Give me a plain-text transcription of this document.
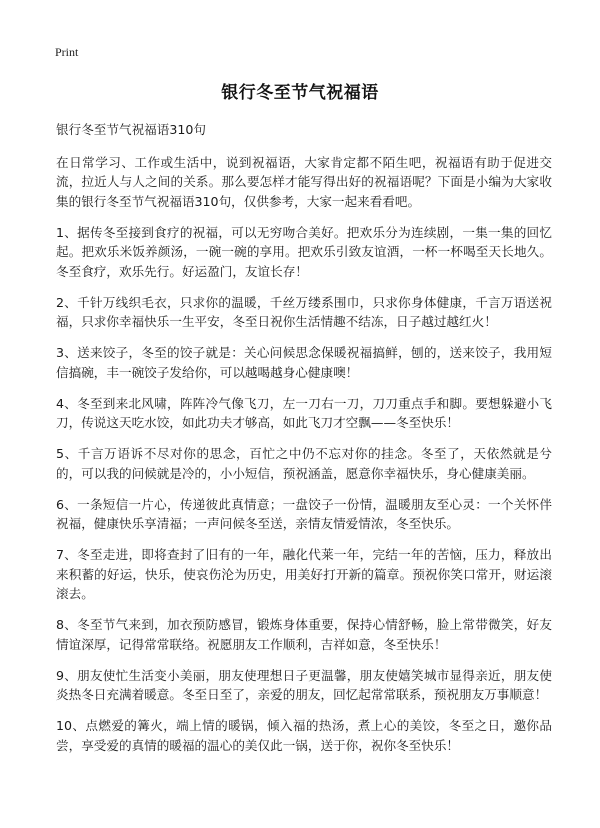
Print
银行冬至节气祝福语
银行冬至节气祝福语310句
在日常学习、工作或生活中，说到祝福语，大家肯定都不陌生吧，祝福语有助于促进交流，拉近人与人之间的关系。那么要怎样才能写得出好的祝福语呢？下面是小编为大家收集的银行冬至节气祝福语310句，仅供参考，大家一起来看看吧。
1、据传冬至接到食疗的祝福，可以无穷吻合美好。把欢乐分为连续剧，一集一集的回忆起。把欢乐米饭养颜汤，一碗一碗的享用。把欢乐引致友谊酒，一杯一杯喝至天长地久。冬至食疗，欢乐先行。好运盈门，友谊长存！
2、千针万线织毛衣，只求你的温暖，千丝万缕系围巾，只求你身体健康，千言万语送祝福，只求你幸福快乐一生平安，冬至日祝你生活情趣不结冻，日子越过越红火！
3、送来饺子，冬至的饺子就是：关心问候思念保暖祝福搞鲜，刨的，送来饺子，我用短信搞碗，丰一碗饺子发给你，可以越喝越身心健康噢！
4、冬至到来北风啸，阵阵冷气像飞刀，左一刀右一刀，刀刀重点手和脚。要想躲避小飞刀，传说这天吃水饺，如此功夫才够高，如此飞刀才空飘——冬至快乐！
5、千言万语诉不尽对你的思念，百忙之中仍不忘对你的挂念。冬至了，天依然就是兮的，可以我的问候就是冷的，小小短信，预祝涵盖，愿意你幸福快乐，身心健康美丽。
6、一条短信一片心，传递彼此真情意；一盘饺子一份情，温暖朋友至心灵：一个关怀伴祝福，健康快乐享清福；一声问候冬至送，亲情友情爱情浓，冬至快乐。
7、冬至走进，即将查封了旧有的一年，融化代莱一年，完结一年的苦恼，压力，释放出来积蓄的好运，快乐，使哀伤沦为历史，用美好打开新的篇章。预祝你笑口常开，财运滚滚去。
8、冬至节气来到，加衣预防感冒，锻炼身体重要，保持心情舒畅，脸上常带微笑，好友情谊深厚，记得常常联络。祝愿朋友工作顺利，吉祥如意，冬至快乐！
9、朋友使忙生活变小美丽，朋友使理想日子更温馨，朋友使嬉笑城市显得亲近，朋友使炎热冬日充满着暖意。冬至日至了，亲爱的朋友，回忆起常常联系，预祝朋友万事顺意！
10、点燃爱的篝火，端上情的暖锅，倾入福的热汤，煮上心的美饺，冬至之日，邀你品尝，享受爱的真情的暖福的温心的美仅此一锅，送于你，祝你冬至快乐！
